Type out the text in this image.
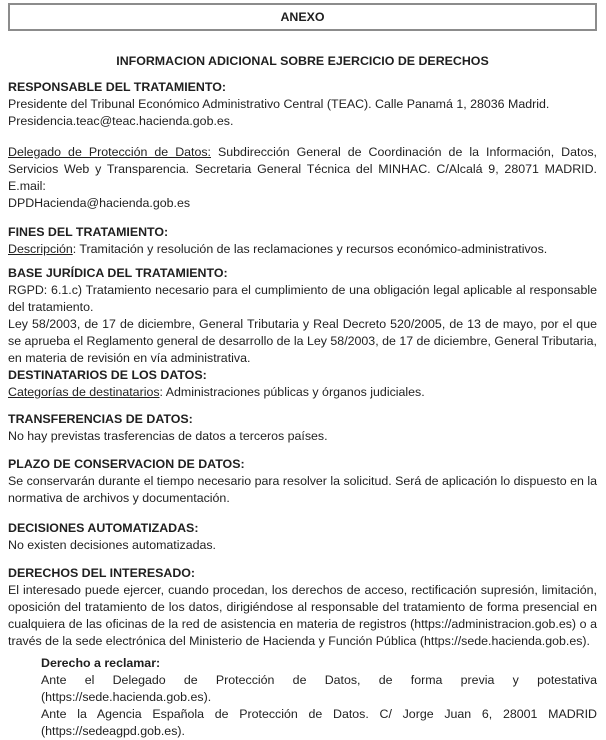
ANEXO
INFORMACION ADICIONAL SOBRE EJERCICIO DE DERECHOS
RESPONSABLE DEL TRATAMIENTO:
Presidente del Tribunal Económico Administrativo Central (TEAC). Calle Panamá 1, 28036 Madrid.
Presidencia.teac@teac.hacienda.gob.es.

Delegado de Protección de Datos: Subdirección General de Coordinación de la Información, Datos, Servicios Web y Transparencia. Secretaria General Técnica del MINHAC. C/Alcalá 9, 28071 MADRID. E.mail:

DPDHacienda@hacienda.gob.es
FINES DEL TRATAMIENTO:

Descripción: Tramitación y resolución de las reclamaciones y recursos económico-administrativos.

BASE JURÍDICA DEL TRATAMIENTO:

RGPD: 6.1.c) Tratamiento necesario para el cumplimiento de una obligación legal aplicable al responsable del tratamiento.

Ley 58/2003, de 17 de diciembre, General Tributaria y Real Decreto 520/2005, de 13 de mayo, por el que se aprueba el Reglamento general de desarrollo de la Ley 58/2003, de 17 de diciembre, General Tributaria, en materia de revisión en vía administrativa.

DESTINATARIOS DE LOS DATOS:

Categorías de destinatarios: Administraciones públicas y órganos judiciales.

TRANSFERENCIAS DE DATOS:

No hay previstas trasferencias de datos a terceros países.

PLAZO DE CONSERVACION DE DATOS:

Se conservarán durante el tiempo necesario para resolver la solicitud. Será de aplicación lo dispuesto en la normativa de archivos y documentación.

DECISIONES AUTOMATIZADAS:

No existen decisiones automatizadas.

DERECHOS DEL INTERESADO:

El interesado puede ejercer, cuando procedan, los derechos de acceso, rectificación supresión, limitación, oposición del tratamiento de los datos, dirigiéndose al responsable del tratamiento de forma presencial en cualquiera de las oficinas de la red de asistencia en materia de registros (https://administracion.gob.es) o a través de la sede electrónica del Ministerio de Hacienda y Función Pública (https://sede.hacienda.gob.es).

Derecho a reclamar:
Ante el Delegado de Protección de Datos, de forma previa y potestativa (https://sede.hacienda.gob.es).

Ante la Agencia Española de Protección de Datos. C/ Jorge Juan 6, 28001 MADRID (https://sedeagpd.gob.es).
